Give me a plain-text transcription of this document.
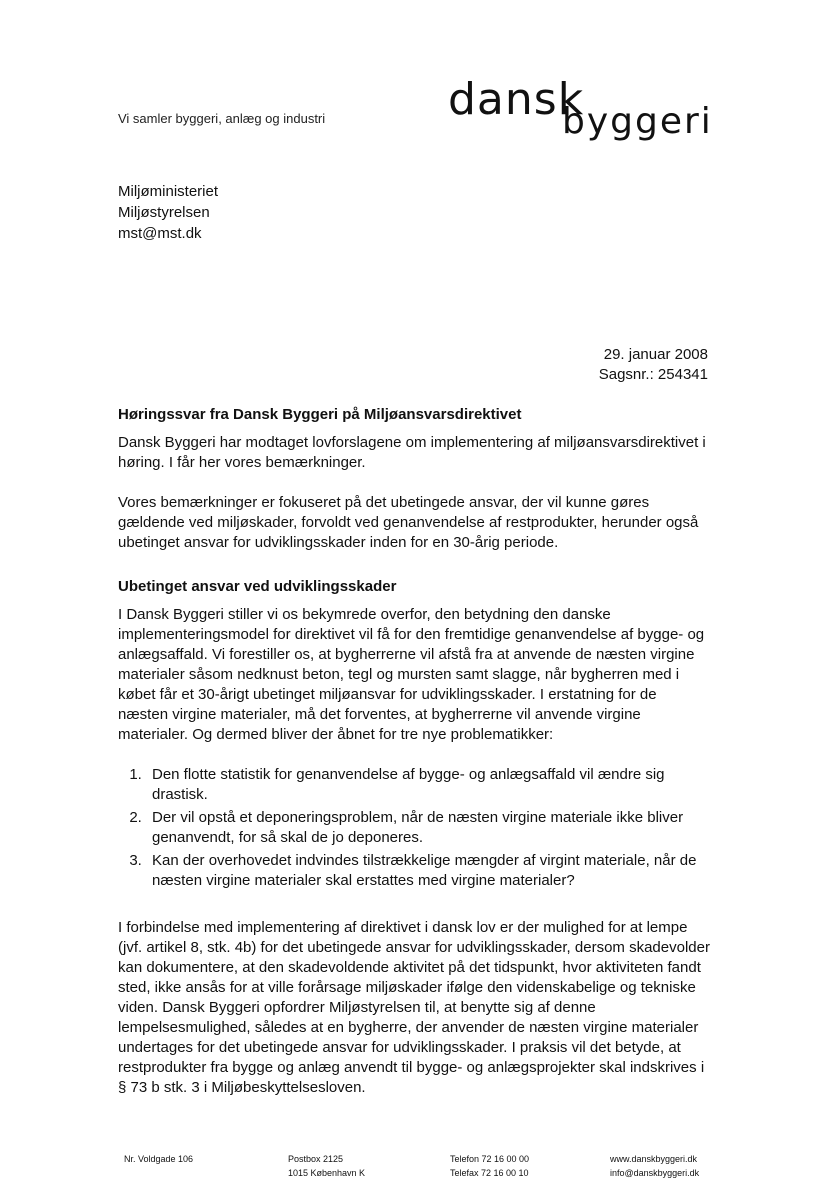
Vi samler byggeri, anlæg og industri	dansk
byggeri
Miljøministeriet
Miljøstyrelsen
mst@mst.dk
29. januar 2008
Sagsnr.: 254341

Høringssvar fra Dansk Byggeri på Miljøansvarsdirektivet

Dansk Byggeri har modtaget lovforslagene om implementering af miljøansvarsdirektivet i høring. I får her vores bemærkninger.

Vores bemærkninger er fokuseret på det ubetingede ansvar, der vil kunne gøres gældende ved miljøskader, forvoldt ved genanvendelse af restprodukter, herunder også ubetinget ansvar for udviklingsskader inden for en 30-årig periode.

Ubetinget ansvar ved udviklingsskader

I Dansk Byggeri stiller vi os bekymrede overfor, den betydning den danske implementeringsmodel for direktivet vil få for den fremtidige genanvendelse af bygge- og anlægsaffald. Vi forestiller os, at bygherrerne vil afstå fra at anvende de næsten virgine materialer såsom nedknust beton, tegl og mursten samt slagge, når bygherren med i købet får et 30-årigt ubetinget miljøansvar for udviklingsskader. I erstatning for de næsten virgine materialer, må det forventes, at bygherrerne vil anvende virgine materialer. Og dermed bliver der åbnet for tre nye problematikker:

1. Den flotte statistik for genanvendelse af bygge- og anlægsaffald vil ændre sig drastisk.
2. Der vil opstå et deponeringsproblem, når de næsten virgine materiale ikke bliver genanvendt, for så skal de jo deponeres.
3. Kan der overhovedet indvindes tilstrækkelige mængder af virgint materiale, når de næsten virgine materialer skal erstattes med virgine materialer?

I forbindelse med implementering af direktivet i dansk lov er der mulighed for at lempe (jvf. artikel 8, stk. 4b) for det ubetingede ansvar for udviklingsskader, dersom skadevolder kan dokumentere, at den skadevoldende aktivitet på det tidspunkt, hvor aktiviteten fandt sted, ikke ansås for at ville forårsage miljøskader ifølge den videnskabelige og tekniske viden. Dansk Byggeri opfordrer Miljøstyrelsen til, at benytte sig af denne lempelsesmulighed, således at en bygherre, der anvender de næsten virgine materialer undertages for det ubetingede ansvar for udviklingsskader. I praksis vil det betyde, at restprodukter fra bygge og anlæg anvendt til bygge- og anlægsprojekter skal indskrives i § 73 b stk. 3 i Miljøbeskyttelsesloven.

Nr. Voldgade 106	Postbox 2125
1015 København K
Telefon 72 16 00 00
Telefax 72 16 00 10
www.danskbyggeri.dk
info@danskbyggeri.dk
